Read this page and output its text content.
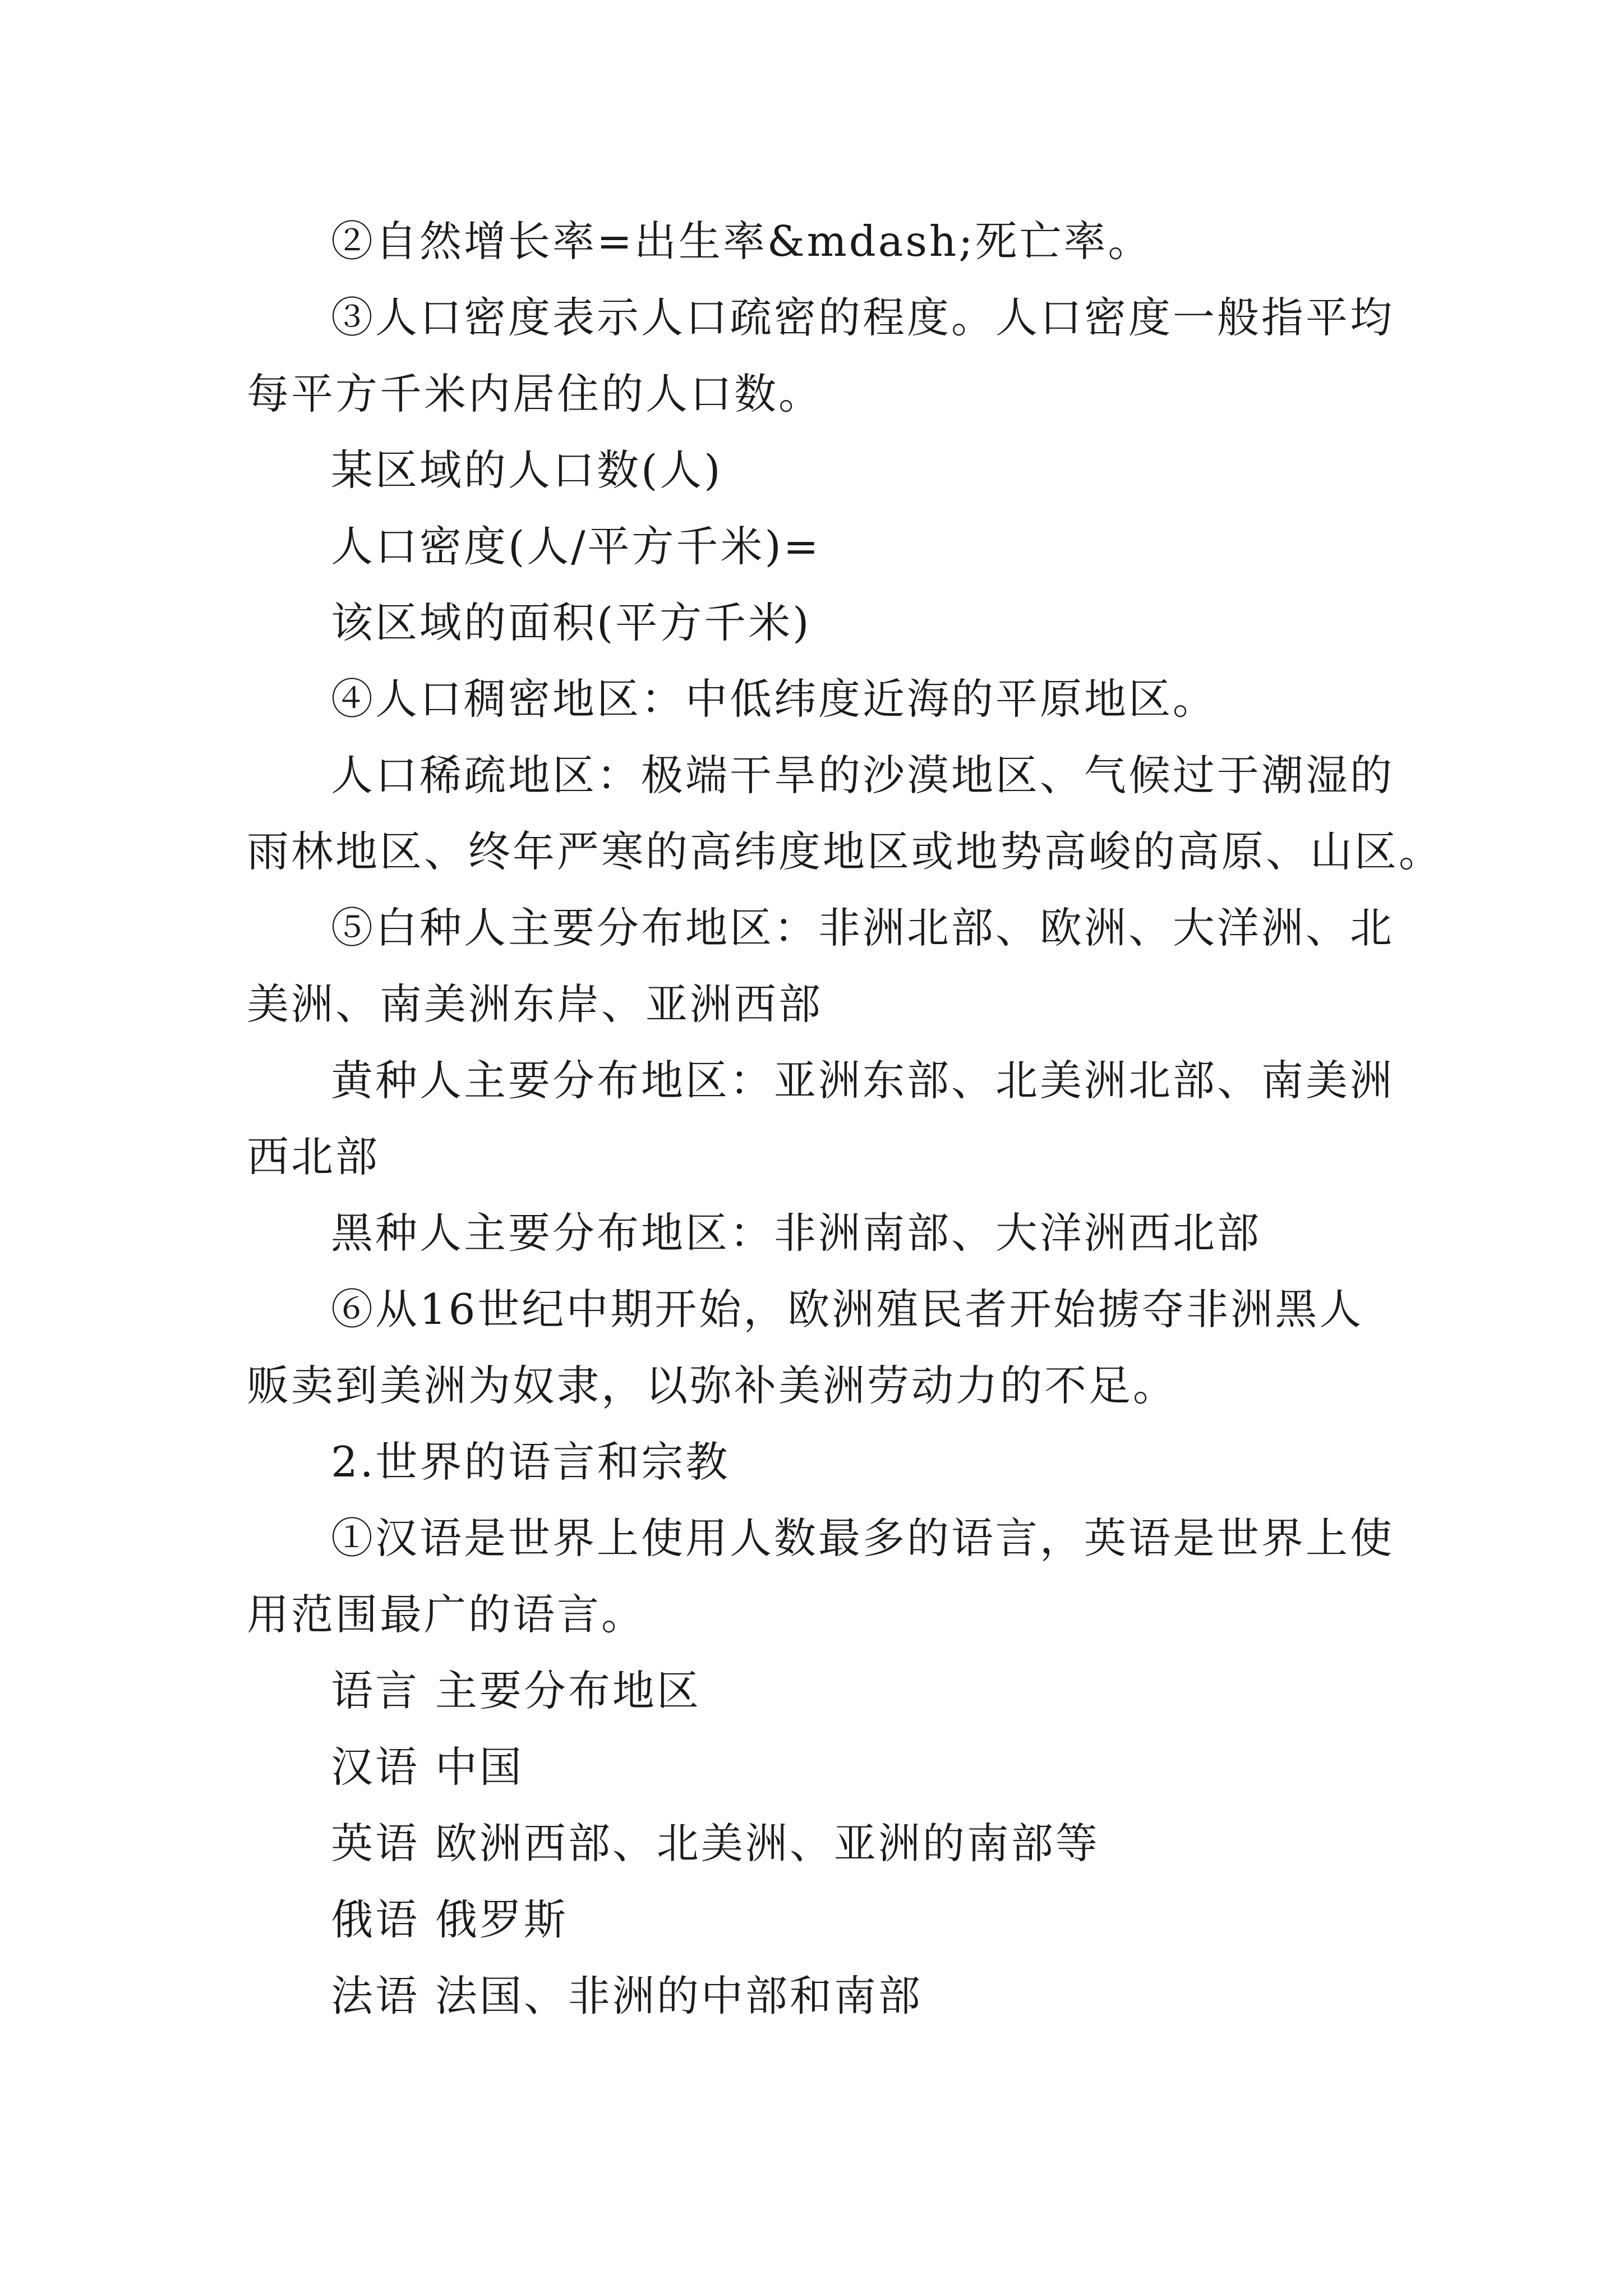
②自然增长率=出生率&mdash;死亡率。

③人口密度表示人口疏密的程度。人口密度一般指平均

每平方千米内居住的人口数。

某区域的人口数(人)

人口密度(人/平方千米)=

该区域的面积(平方千米)

④人口稠密地区：中低纬度近海的平原地区。

人口稀疏地区：极端干旱的沙漠地区、气候过于潮湿的

雨林地区、终年严寒的高纬度地区或地势高峻的高原、山区。

⑤白种人主要分布地区：非洲北部、欧洲、大洋洲、北

美洲、南美洲东岸、亚洲西部

黄种人主要分布地区：亚洲东部、北美洲北部、南美洲

西北部

黑种人主要分布地区：非洲南部、大洋洲西北部

⑥从16世纪中期开始，欧洲殖民者开始掳夺非洲黑人

贩卖到美洲为奴隶，以弥补美洲劳动力的不足。

2.世界的语言和宗教

①汉语是世界上使用人数最多的语言，英语是世界上使

用范围最广的语言。

语言 主要分布地区

汉语 中国

英语 欧洲西部、北美洲、亚洲的南部等

俄语 俄罗斯

法语 法国、非洲的中部和南部
